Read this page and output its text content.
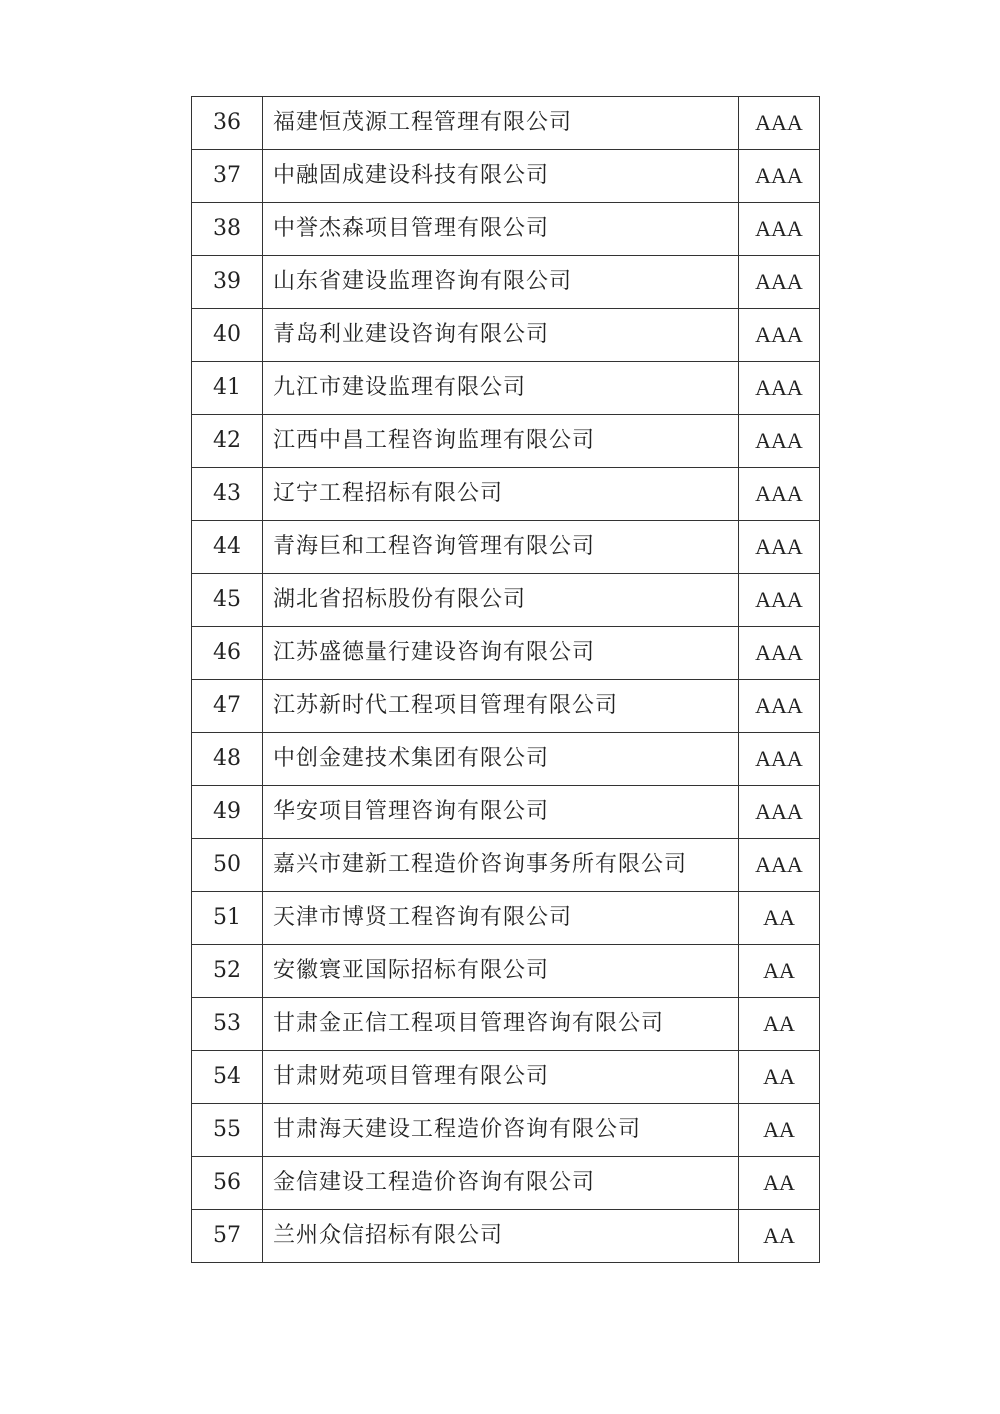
36	福建恒茂源工程管理有限公司	AAA
37	中融固成建设科技有限公司	AAA
38	中誉杰森项目管理有限公司	AAA
39	山东省建设监理咨询有限公司	AAA
40	青岛利业建设咨询有限公司	AAA
41	九江市建设监理有限公司	AAA
42	江西中昌工程咨询监理有限公司	AAA
43	辽宁工程招标有限公司	AAA
44	青海巨和工程咨询管理有限公司	AAA
45	湖北省招标股份有限公司	AAA
46	江苏盛德量行建设咨询有限公司	AAA
47	江苏新时代工程项目管理有限公司	AAA
48	中创金建技术集团有限公司	AAA
49	华安项目管理咨询有限公司	AAA
50	嘉兴市建新工程造价咨询事务所有限公司	AAA
51	天津市博贤工程咨询有限公司	AA
52	安徽寰亚国际招标有限公司	AA
53	甘肃金正信工程项目管理咨询有限公司	AA
54	甘肃财苑项目管理有限公司	AA
55	甘肃海天建设工程造价咨询有限公司	AA
56	金信建设工程造价咨询有限公司	AA
57	兰州众信招标有限公司	AA
